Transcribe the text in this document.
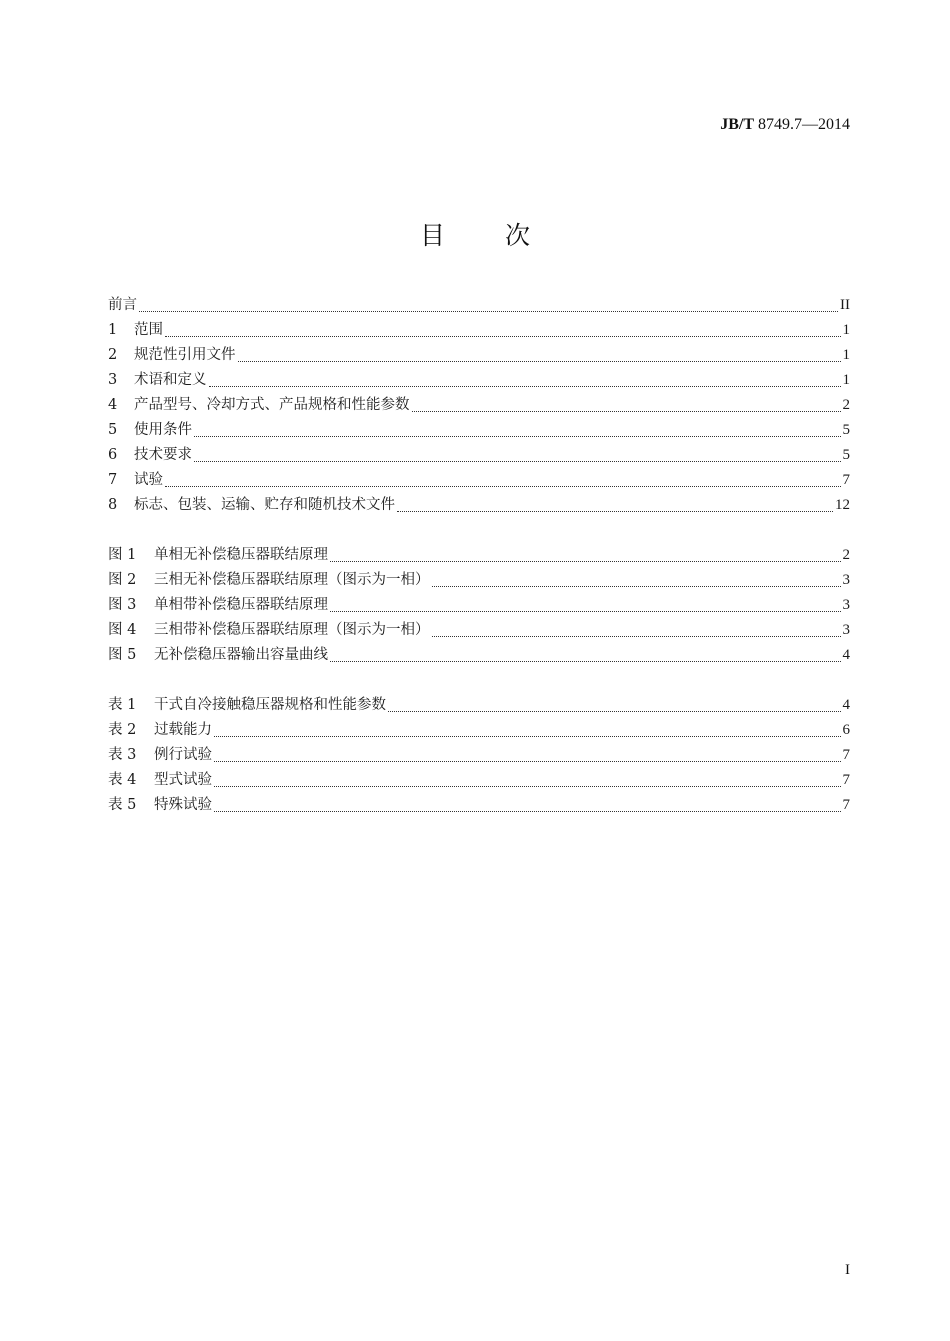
JB/T 8749.7—2014
目次
前言	II
1	范围	1
2	规范性引用文件	1
3	术语和定义	1
4	产品型号、冷却方式、产品规格和性能参数	2
5	使用条件	5
6	技术要求	5
7	试验	7
8	标志、包装、运输、贮存和随机技术文件	12
图 1	单相无补偿稳压器联结原理	2
图 2	三相无补偿稳压器联结原理（图示为一相）	3
图 3	单相带补偿稳压器联结原理	3
图 4	三相带补偿稳压器联结原理（图示为一相）	3
图 5	无补偿稳压器输出容量曲线	4
表 1	干式自冷接触稳压器规格和性能参数	4
表 2	过载能力	6
表 3	例行试验	7
表 4	型式试验	7
表 5	特殊试验	7
I
